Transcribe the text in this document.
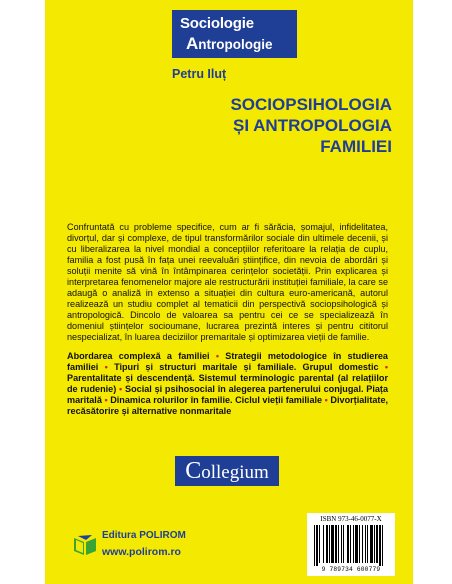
Sociologie
Antropologie
Petru Iluț
SOCIOPSIHOLOGIA
ȘI ANTROPOLOGIA
FAMILIEI
Confruntată cu probleme specifice, cum ar fi sărăcia, șomajul, infidelitatea, divorțul, dar și complexe, de tipul transformărilor sociale din ultimele decenii, și cu liberalizarea la nivel mondial a concepțiilor referitoare la relația de cuplu, familia a fost pusă în fața unei reevaluări științifice, din nevoia de abordări și soluții menite să vină în întâmpinarea cerințelor societății. Prin explicarea și interpretarea fenomenelor majore ale restructurării instituției familiale, la care se adaugă o analiză in extenso a situației din cultura euro-americană, autorul realizează un studiu complet al tematicii din perspectivă sociopsihologică și antropologică. Dincolo de valoarea sa pentru cei ce se specializează în domeniul științelor socioumane, lucrarea prezintă interes și pentru cititorul nespecializat, în luarea deciziilor premaritale și optimizarea vieții de familie.
Abordarea complexă a familiei • Strategii metodologice în studierea familiei • Tipuri și structuri maritale și familiale. Grupul domestic • Parentalitate și descendență. Sistemul terminologic parental (al relațiilor de rudenie) • Social și psihosocial în alegerea partenerului conjugal. Piața maritală • Dinamica rolurilor în familie. Ciclul vieții familiale • Divorțialitate, recăsătorire și alternative nonmaritale
Collegium
Editura POLIROM
www.polirom.ro
ISBN 973-46-0077-X
9 789734 600779
